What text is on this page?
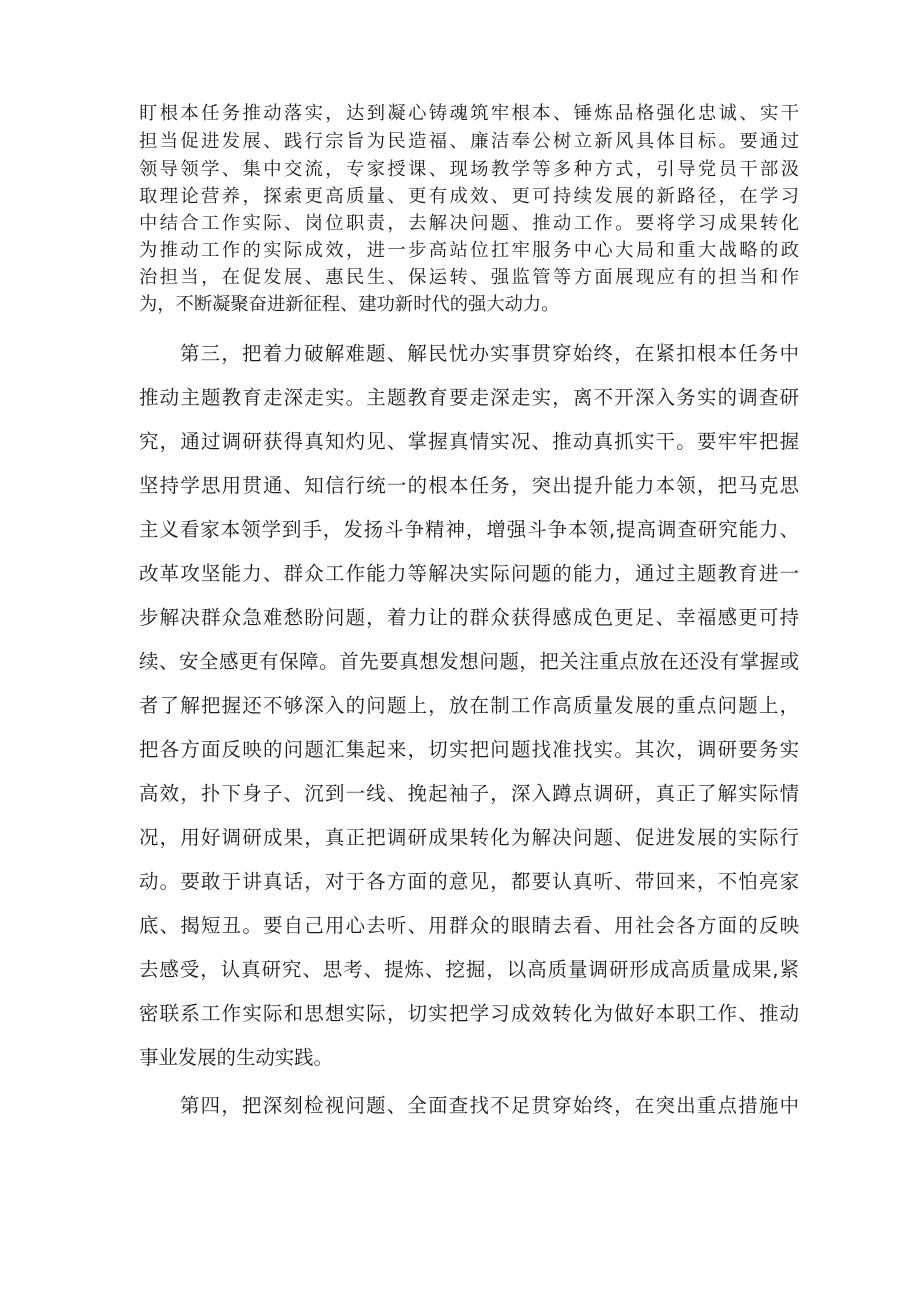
盯根本任务推动落实，达到凝心铸魂筑牢根本、锤炼品格强化忠诚、实干
担当促进发展、践行宗旨为民造福、廉洁奉公树立新风具体目标。要通过
领导领学、集中交流，专家授课、现场教学等多种方式，引导党员干部汲
取理论营养，探索更高质量、更有成效、更可持续发展的新路径，在学习
中结合工作实际、岗位职责，去解决问题、推动工作。要将学习成果转化
为推动工作的实际成效，进一步高站位扛牢服务中心大局和重大战略的政
治担当，在促发展、惠民生、保运转、强监管等方面展现应有的担当和作
为，不断凝聚奋进新征程、建功新时代的强大动力。
第三，把着力破解难题、解民忧办实事贯穿始终，在紧扣根本任务中
推动主题教育走深走实。主题教育要走深走实，离不开深入务实的调查研
究，通过调研获得真知灼见、掌握真情实况、推动真抓实干。要牢牢把握
坚持学思用贯通、知信行统一的根本任务，突出提升能力本领，把马克思
主义看家本领学到手，发扬斗争精神，增强斗争本领,提高调查研究能力、
改革攻坚能力、群众工作能力等解决实际问题的能力，通过主题教育进一
步解决群众急难愁盼问题，着力让的群众获得感成色更足、幸福感更可持
续、安全感更有保障。首先要真想发想问题，把关注重点放在还没有掌握或
者了解把握还不够深入的问题上，放在制工作高质量发展的重点问题上，
把各方面反映的问题汇集起来，切实把问题找准找实。其次，调研要务实
高效，扑下身子、沉到一线、挽起袖子，深入蹲点调研，真正了解实际情
况，用好调研成果，真正把调研成果转化为解决问题、促进发展的实际行
动。要敢于讲真话，对于各方面的意见，都要认真听、带回来，不怕亮家
底、揭短丑。要自己用心去听、用群众的眼睛去看、用社会各方面的反映
去感受，认真研究、思考、提炼、挖掘，以高质量调研形成高质量成果,紧
密联系工作实际和思想实际，切实把学习成效转化为做好本职工作、推动
事业发展的生动实践。
第四，把深刻检视问题、全面查找不足贯穿始终，在突出重点措施中
